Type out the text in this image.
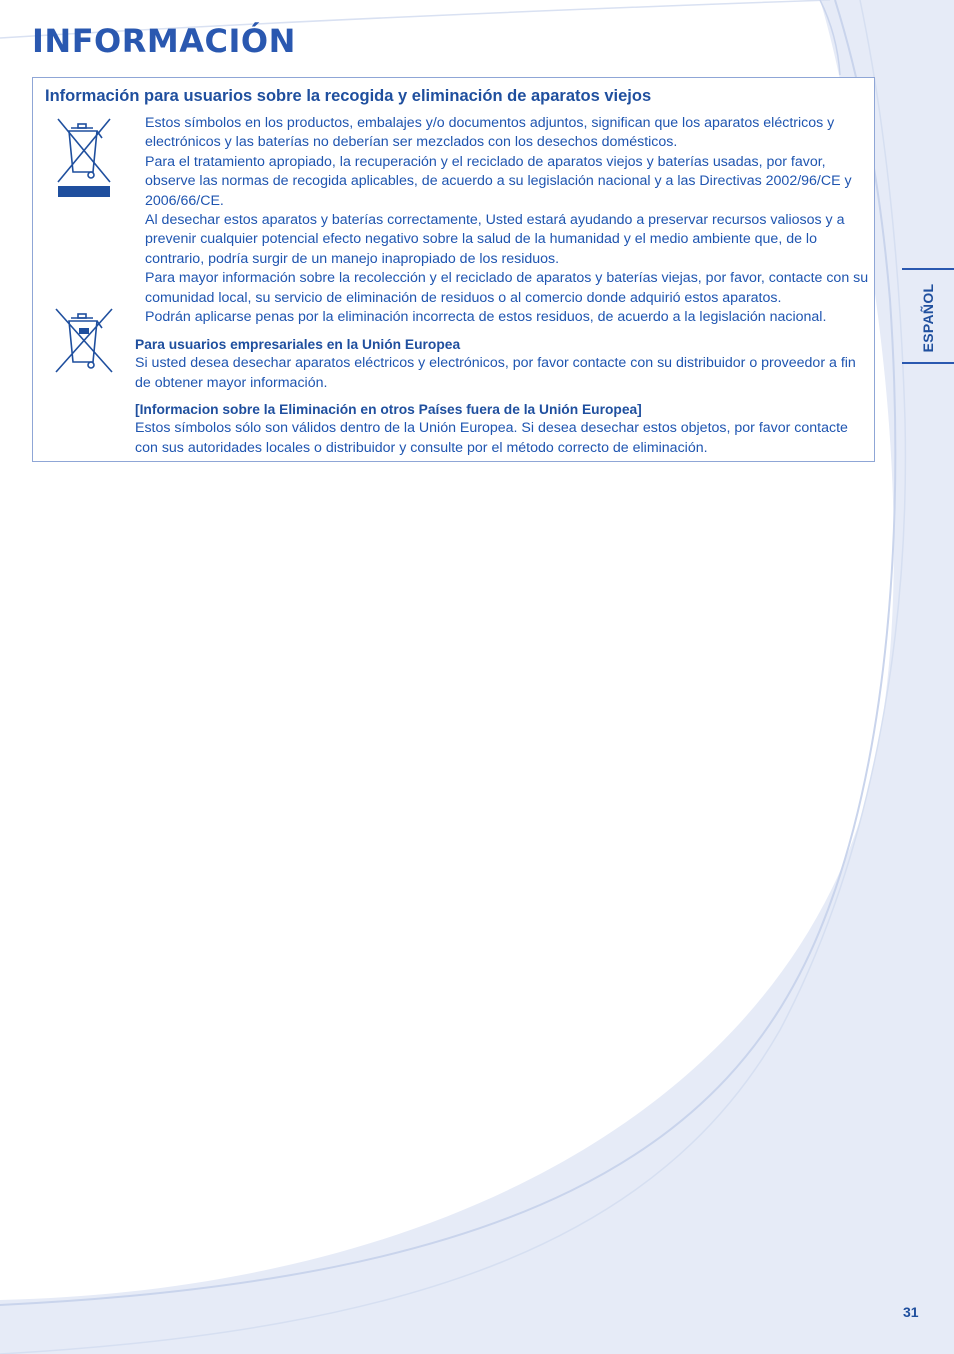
INFORMACIÓN
Información para usuarios sobre la recogida y eliminación de aparatos viejos

Estos símbolos en los productos, embalajes y/o documentos adjuntos, significan que los aparatos eléctricos y electrónicos y las baterías no deberían ser mezclados con los desechos domésticos.

Para el tratamiento apropiado, la recuperación y el reciclado de aparatos viejos y baterías usadas, por favor, observe las normas de recogida aplicables, de acuerdo a su legislación nacional y a las Directivas 2002/96/CE y 2006/66/CE.

Al desechar estos aparatos y baterías correctamente, Usted estará ayudando a preservar recursos valiosos y a prevenir cualquier potencial efecto negativo sobre la salud de la humanidad y el medio ambiente que, de lo contrario, podría surgir de un manejo inapropiado de los residuos.

Para mayor información sobre la recolección y el reciclado de aparatos y baterías viejas, por favor, contacte con su comunidad local, su servicio de eliminación de residuos o al comercio donde adquirió estos aparatos.

Podrán aplicarse penas por la eliminación incorrecta de estos residuos, de acuerdo a la legislación nacional.

Para usuarios empresariales en la Unión Europea

Si usted desea desechar aparatos eléctricos y electrónicos, por favor contacte con su distribuidor o proveedor a fin de obtener mayor información.

[Informacion sobre la Eliminación en otros Países fuera de la Unión Europea]

Estos símbolos sólo son válidos dentro de la Unión Europea. Si desea desechar estos objetos, por favor contacte con sus autoridades locales o distribuidor y consulte por el método correcto de eliminación.

ESPAÑOL
31
